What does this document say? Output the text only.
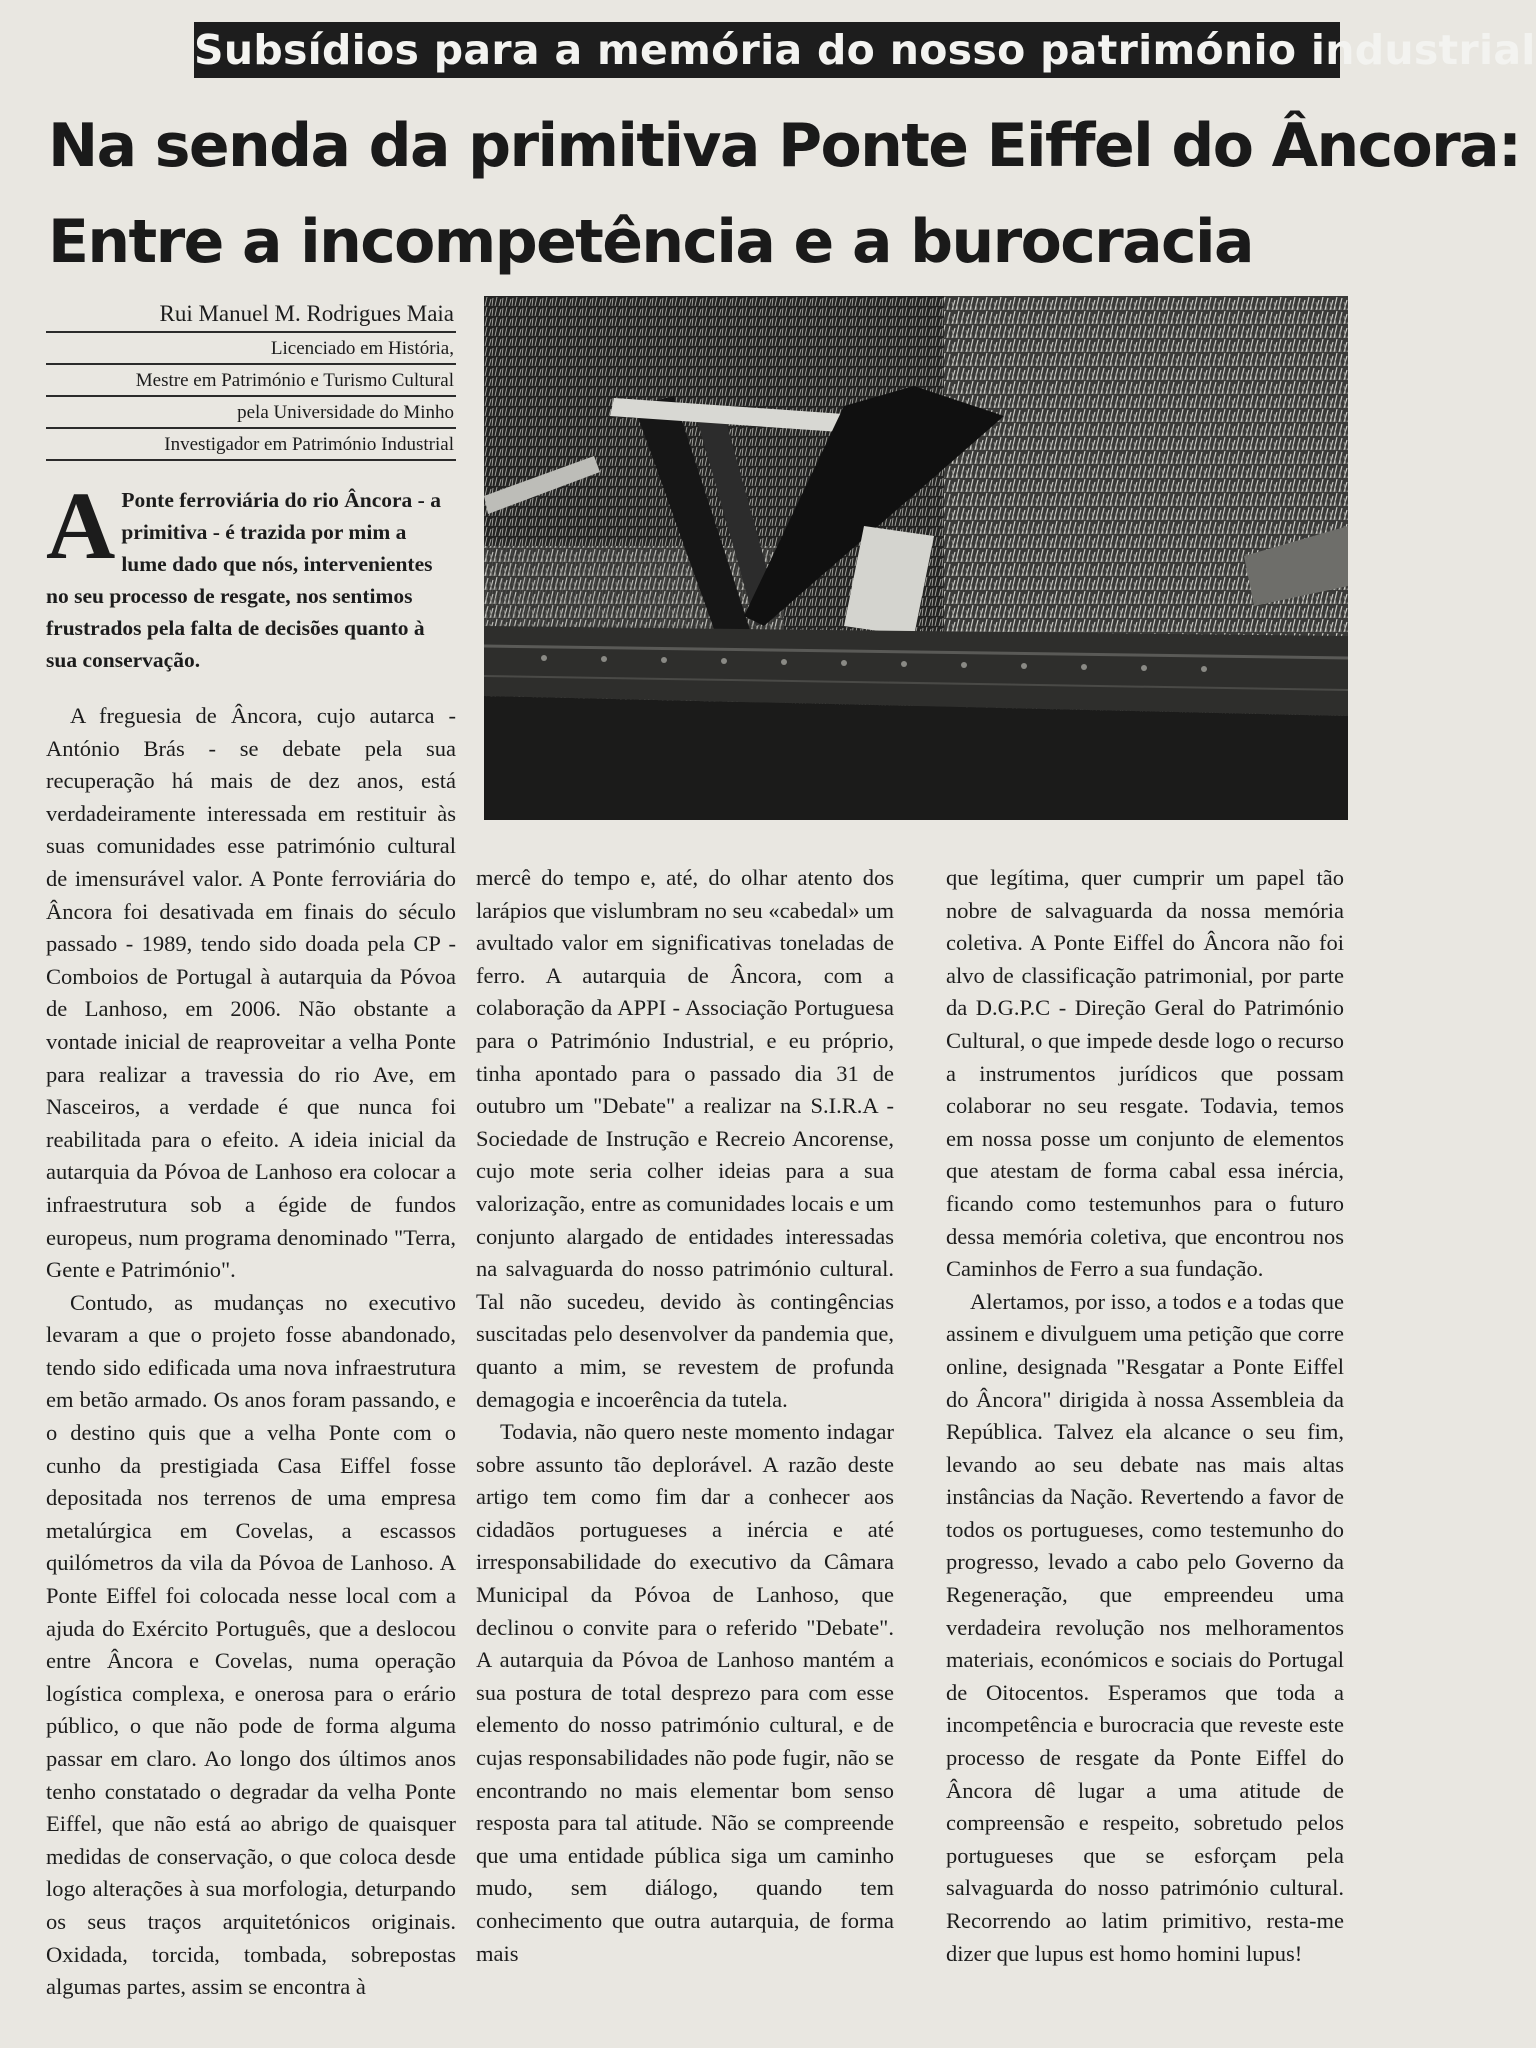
Subsídios para a memória do nosso património industrial
Na senda da primitiva Ponte Eiffel do Âncora:
Entre a incompetência e a burocracia
Rui Manuel M. Rodrigues Maia
Licenciado em História,
Mestre em Património e Turismo Cultural
pela Universidade do Minho
Investigador em Património Industrial
A Ponte ferroviária do rio Âncora - a primitiva - é trazida por mim a lume dado que nós, intervenientes no seu processo de resgate, nos sentimos frustrados pela falta de decisões quanto à sua conservação.

A freguesia de Âncora, cujo autarca - António Brás - se debate pela sua recuperação há mais de dez anos, está verdadeiramente interessada em restituir às suas comunidades esse património cultural de imensurável valor. A Ponte ferroviária do Âncora foi desativada em finais do século passado - 1989, tendo sido doada pela CP - Comboios de Portugal à autarquia da Póvoa de Lanhoso, em 2006. Não obstante a vontade inicial de reaproveitar a velha Ponte para realizar a travessia do rio Ave, em Nasceiros, a verdade é que nunca foi reabilitada para o efeito. A ideia inicial da autarquia da Póvoa de Lanhoso era colocar a infraestrutura sob a égide de fundos europeus, num programa denominado "Terra, Gente e Património".

Contudo, as mudanças no executivo levaram a que o projeto fosse abandonado, tendo sido edificada uma nova infraestrutura em betão armado. Os anos foram passando, e o destino quis que a velha Ponte com o cunho da prestigiada Casa Eiffel fosse depositada nos terrenos de uma empresa metalúrgica em Covelas, a escassos quilómetros da vila da Póvoa de Lanhoso. A Ponte Eiffel foi colocada nesse local com a ajuda do Exército Português, que a deslocou entre Âncora e Covelas, numa operação logística complexa, e onerosa para o erário público, o que não pode de forma alguma passar em claro. Ao longo dos últimos anos tenho constatado o degradar da velha Ponte Eiffel, que não está ao abrigo de quaisquer medidas de conservação, o que coloca desde logo alterações à sua morfologia, deturpando os seus traços arquitetónicos originais. Oxidada, torcida, tombada, sobrepostas algumas partes, assim se encontra à

mercê do tempo e, até, do olhar atento dos larápios que vislumbram no seu «cabedal» um avultado valor em significativas toneladas de ferro. A autarquia de Âncora, com a colaboração da APPI - Associação Portuguesa para o Património Industrial, e eu próprio, tinha apontado para o passado dia 31 de outubro um "Debate" a realizar na S.I.R.A - Sociedade de Instrução e Recreio Ancorense, cujo mote seria colher ideias para a sua valorização, entre as comunidades locais e um conjunto alargado de entidades interessadas na salvaguarda do nosso património cultural. Tal não sucedeu, devido às contingências suscitadas pelo desenvolver da pandemia que, quanto a mim, se revestem de profunda demagogia e incoerência da tutela.

Todavia, não quero neste momento indagar sobre assunto tão deplorável. A razão deste artigo tem como fim dar a conhecer aos cidadãos portugueses a inércia e até irresponsabilidade do executivo da Câmara Municipal da Póvoa de Lanhoso, que declinou o convite para o referido "Debate". A autarquia da Póvoa de Lanhoso mantém a sua postura de total desprezo para com esse elemento do nosso património cultural, e de cujas responsabilidades não pode fugir, não se encontrando no mais elementar bom senso resposta para tal atitude. Não se compreende que uma entidade pública siga um caminho mudo, sem diálogo, quando tem conhecimento que outra autarquia, de forma mais

que legítima, quer cumprir um papel tão nobre de salvaguarda da nossa memória coletiva. A Ponte Eiffel do Âncora não foi alvo de classificação patrimonial, por parte da D.G.P.C - Direção Geral do Património Cultural, o que impede desde logo o recurso a instrumentos jurídicos que possam colaborar no seu resgate. Todavia, temos em nossa posse um conjunto de elementos que atestam de forma cabal essa inércia, ficando como testemunhos para o futuro dessa memória coletiva, que encontrou nos Caminhos de Ferro a sua fundação.

Alertamos, por isso, a todos e a todas que assinem e divulguem uma petição que corre online, designada "Resgatar a Ponte Eiffel do Âncora" dirigida à nossa Assembleia da República. Talvez ela alcance o seu fim, levando ao seu debate nas mais altas instâncias da Nação. Revertendo a favor de todos os portugueses, como testemunho do progresso, levado a cabo pelo Governo da Regeneração, que empreendeu uma verdadeira revolução nos melhoramentos materiais, económicos e sociais do Portugal de Oitocentos. Esperamos que toda a incompetência e burocracia que reveste este processo de resgate da Ponte Eiffel do Âncora dê lugar a uma atitude de compreensão e respeito, sobretudo pelos portugueses que se esforçam pela salvaguarda do nosso património cultural. Recorrendo ao latim primitivo, resta-me dizer que lupus est homo homini lupus!
